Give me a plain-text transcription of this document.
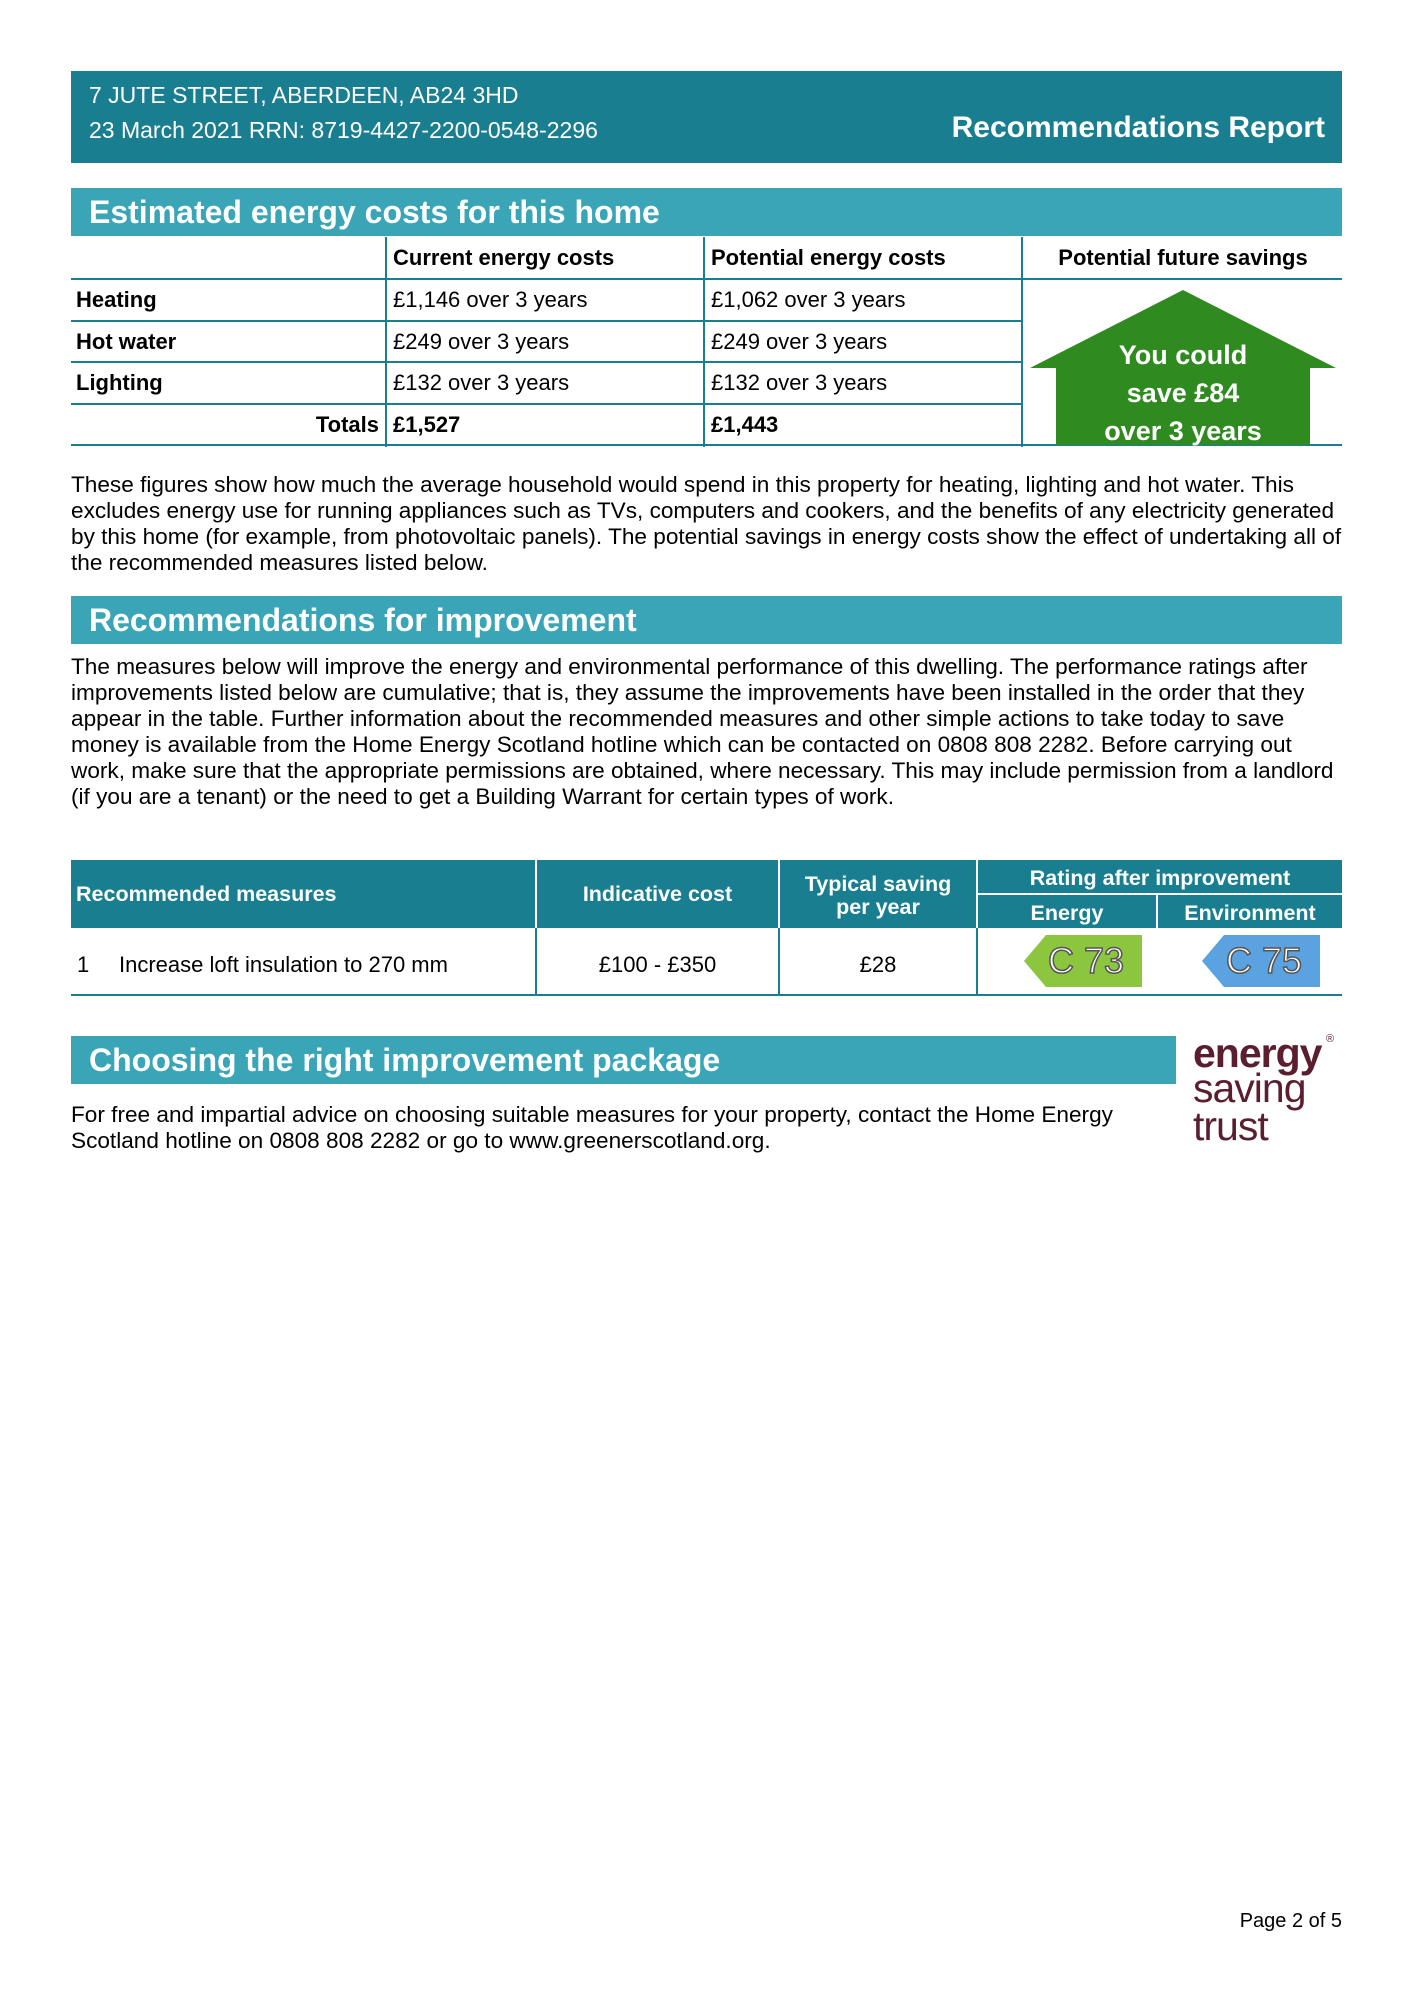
7 JUTE STREET, ABERDEEN, AB24 3HD
23 March 2021 RRN: 8719-4427-2200-0548-2296	Recommendations Report
Estimated energy costs for this home
Current energy costs	Potential energy costs	Potential future savings
Heating	£1,146 over 3 years	£1,062 over 3 years
Hot water	£249 over 3 years	£249 over 3 years
Lighting	£132 over 3 years	£132 over 3 years
Totals £1,527	£1,443
You could
save £84
over 3 years
These figures show how much the average household would spend in this property for heating, lighting and hot water. This excludes energy use for running appliances such as TVs, computers and cookers, and the benefits of any electricity generated by this home (for example, from photovoltaic panels). The potential savings in energy costs show the effect of undertaking all of the recommended measures listed below.
Recommendations for improvement
The measures below will improve the energy and environmental performance of this dwelling. The performance ratings after improvements listed below are cumulative; that is, they assume the improvements have been installed in the order that they appear in the table. Further information about the recommended measures and other simple actions to take today to save money is available from the Home Energy Scotland hotline which can be contacted on 0808 808 2282. Before carrying out work, make sure that the appropriate permissions are obtained, where necessary. This may include permission from a landlord (if you are a tenant) or the need to get a Building Warrant for certain types of work.
Recommended measures	Indicative cost	Typical saving
per year
Rating after improvement
Energy	Environment
1 Increase loft insulation to 270 mm	£100 - £350	£28	C 73	C 75
Choosing the right improvement package
For free and impartial advice on choosing suitable measures for your property, contact the Home Energy Scotland hotline on 0808 808 2282 or go to www.greenerscotland.org.
energy ®
saving
trust
Page 2 of 5
